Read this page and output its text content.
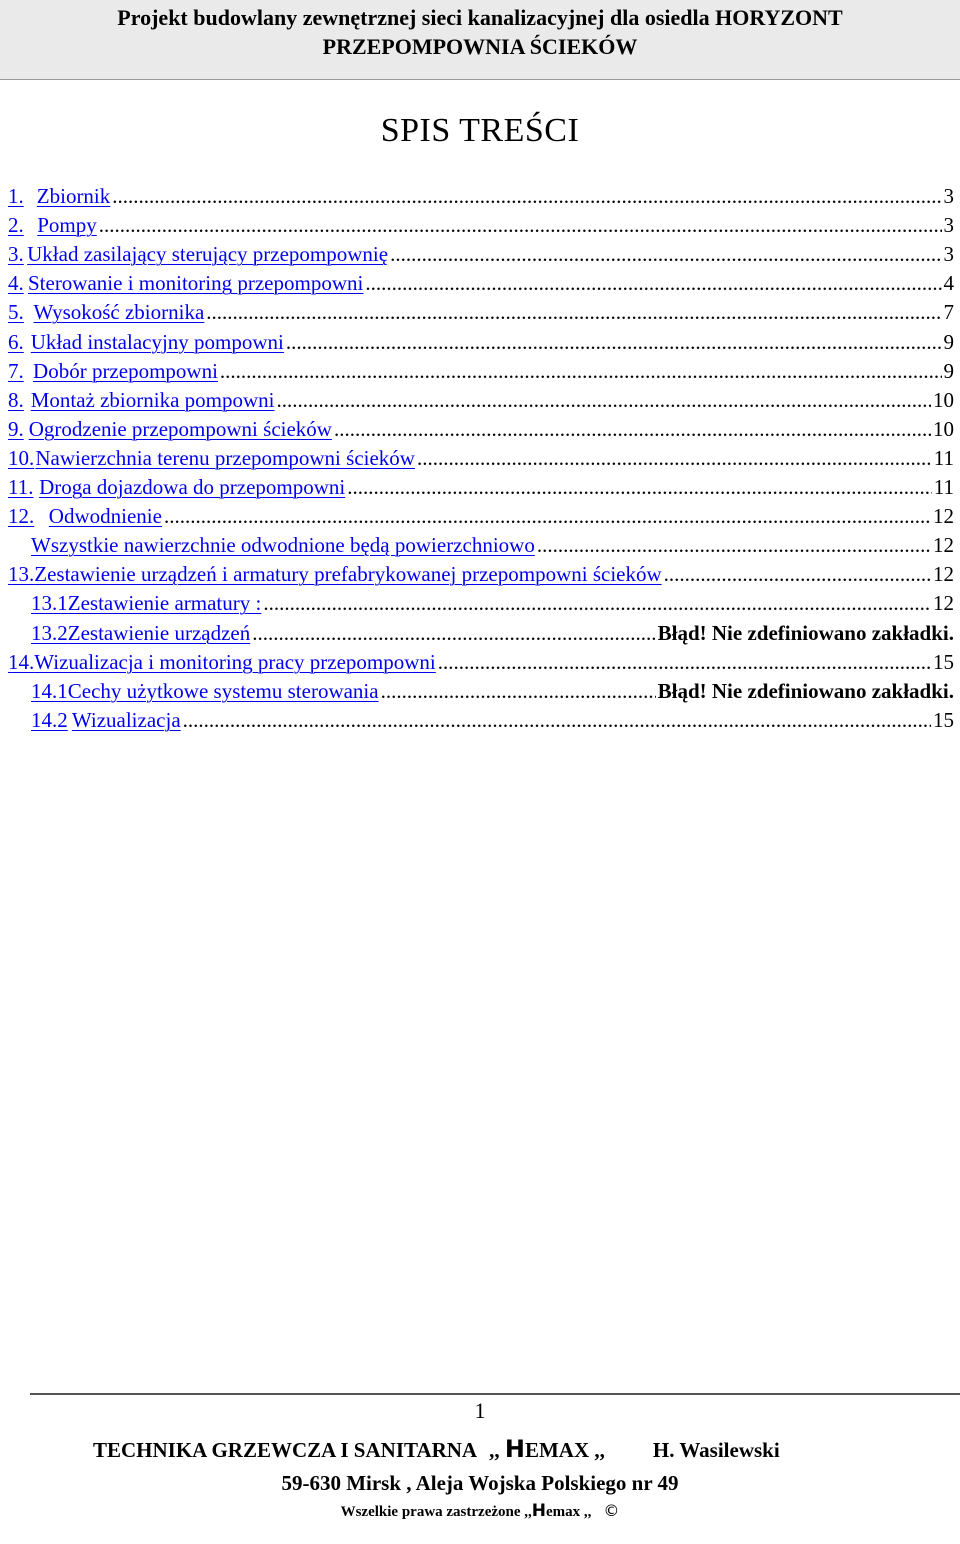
Projekt budowlany zewnętrznej sieci kanalizacyjnej dla osiedla HORYZONT
PRZEPOMPOWNIA ŚCIEKÓW
SPIS TREŚCI
1. Zbiornik .....	3
2. Pompy .....	3
3. Układ zasilający sterujący przepompownię .....	3
4. Sterowanie i monitoring przepompowni .....	4
5. Wysokość zbiornika .....	7
6. Układ instalacyjny pompowni .....	9
7. Dobór przepompowni .....	9
8. Montaż zbiornika pompowni .....	10
9. Ogrodzenie przepompowni ścieków .....	10
10. Nawierzchnia terenu przepompowni ścieków .....	11
11. Droga dojazdowa do przepompowni .....	11
12. Odwodnienie .....	12
Wszystkie nawierzchnie odwodnione będą powierzchniowo .....	12
13. Zestawienie urządzeń i armatury prefabrykowanej przepompowni ścieków .....	12
13.1 Zestawienie armatury : .....	12
13.2 Zestawienie urządzeń .....	Błąd! Nie zdefiniowano zakładki.
14. Wizualizacja i monitoring pracy przepompowni .....	15
14.1 Cechy użytkowe systemu sterowania .....	Błąd! Nie zdefiniowano zakładki.
14.2 Wizualizacja .....	15
1
TECHNIKA GRZEWCZA I SANITARNA ,, HEMAX ,, H. Wasilewski
59-630 Mirsk , Aleja Wojska Polskiego nr 49
Wszelkie prawa zastrzeżone ,,Hemax ,, ©
